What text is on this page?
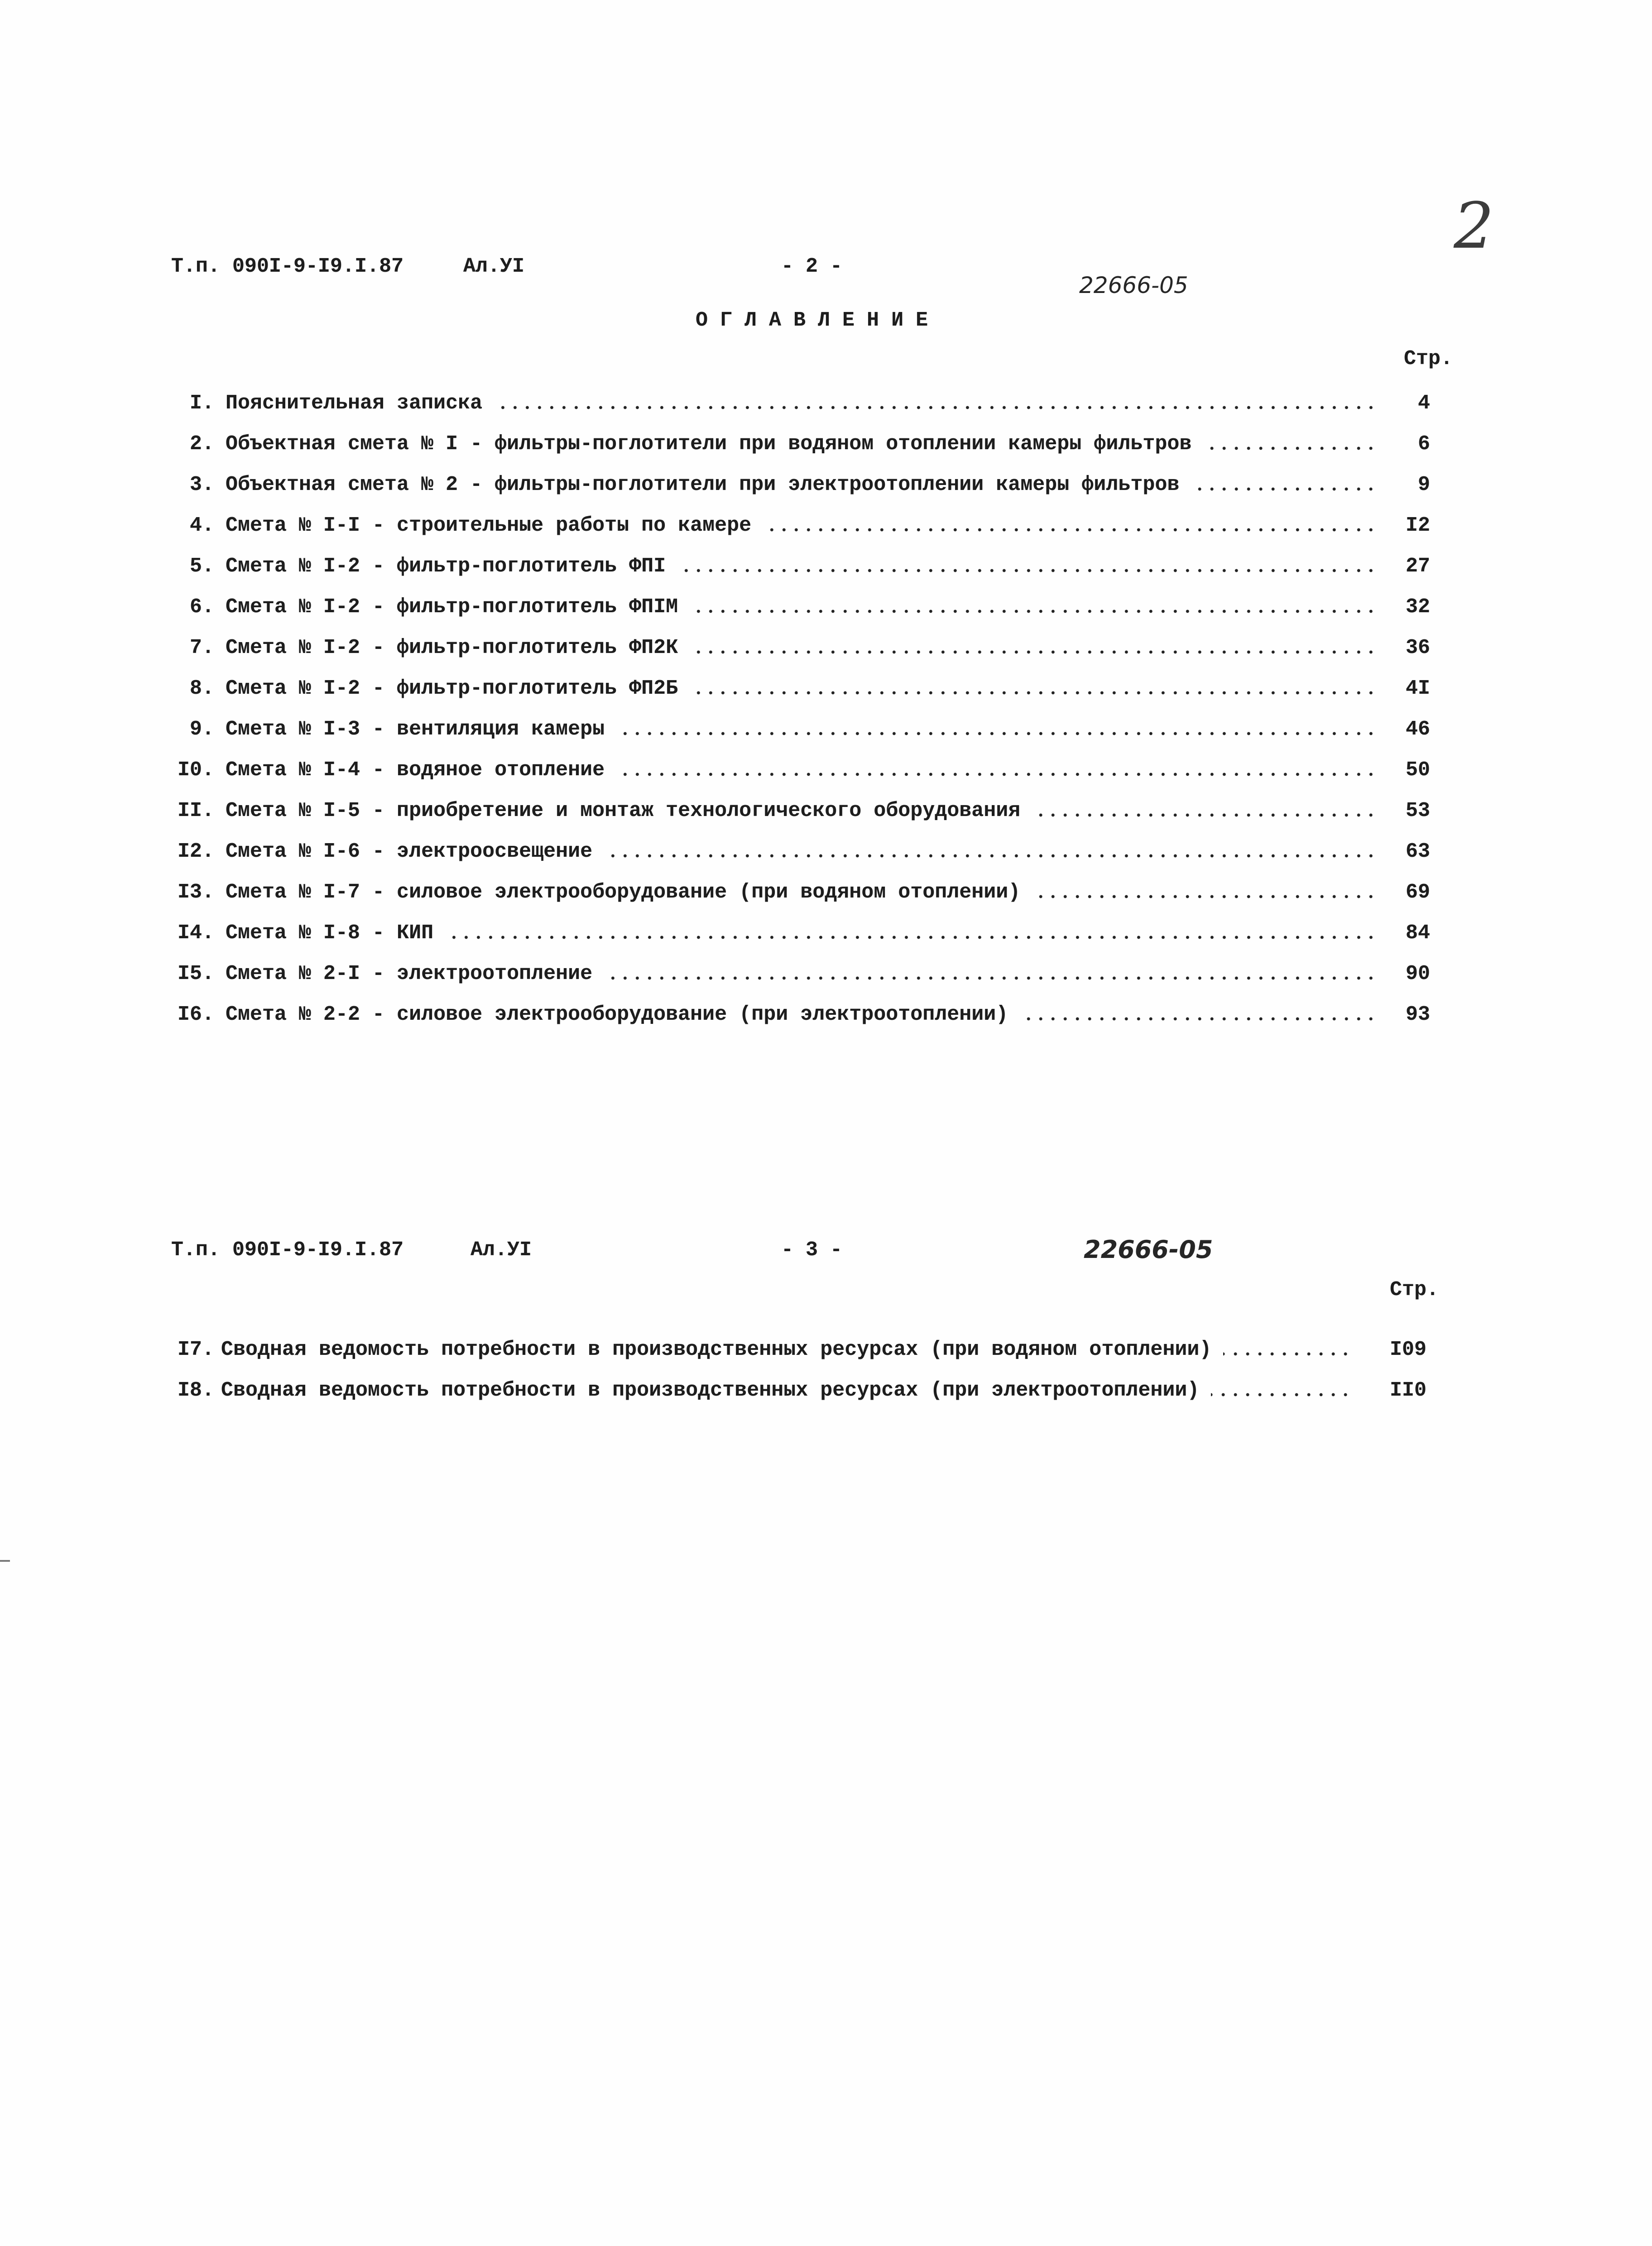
2
Т.п. 090I-9-I9.I.87	Ал.УI	- 2 -
22666-05
О Г Л А В Л Е Н И Е
Стр.
I. Пояснительная записка	4
2. Объектная смета № I - фильтры-поглотители при водяном отоплении камеры фильтров	6
3. Объектная смета № 2 - фильтры-поглотители при электроотоплении камеры фильтров	9
4. Смета № I-I - строительные работы по камере	I2
5. Смета № I-2 - фильтр-поглотитель ФПI	27
6. Смета № I-2 - фильтр-поглотитель ФПIМ	32
7. Смета № I-2 - фильтр-поглотитель ФП2К	36
8. Смета № I-2 - фильтр-поглотитель ФП2Б	4I
9. Смета № I-3 - вентиляция камеры	46
I0. Смета № I-4 - водяное отопление	50
II. Смета № I-5 - приобретение и монтаж технологического оборудования	53
I2. Смета № I-6 - электроосвещение	63
I3. Смета № I-7 - силовое электрооборудование (при водяном отоплении)	69
I4. Смета № I-8 - КИП	84
I5. Смета № 2-I - электроотопление	90
I6. Смета № 2-2 - силовое электрооборудование (при электроотоплении)	93
Т.п. 090I-9-I9.I.87	Ал.УI	- 3 -	22666-05
Стр.
I7. Сводная ведомость потребности в производственных ресурсах (при водяном отоплении)	I09
I8. Сводная ведомость потребности в производственных ресурсах (при электроотоплении)	II0
